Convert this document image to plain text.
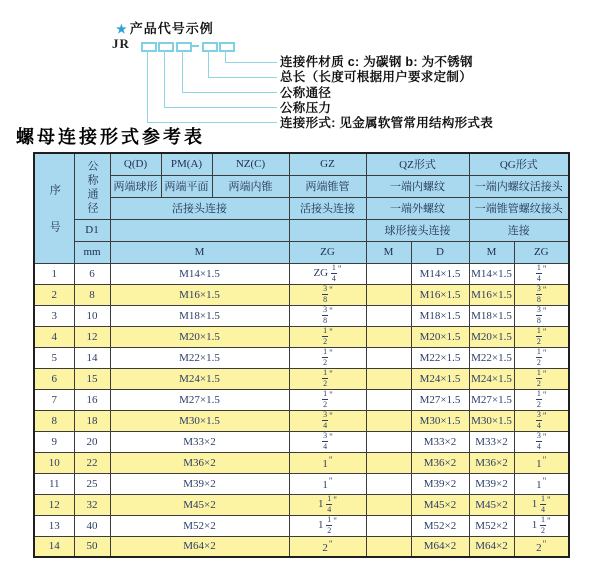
★ 产品代号示例
JR
连接件材质 c: 为碳钢 b: 为不锈钢
总长（长度可根据用户要求定制）
公称通径
公称压力
连接形式: 见金属软管常用结构形式表
螺母连接形式参考表
序号	公称通径	Q(D)	PM(A)	NZ(C)	GZ	QZ形式		QG形式	
		两端球形	两端平面	两端内锥	两端锥管	一端内螺纹		一端内螺纹活接头	
		活接头连接			活接头连接	一端外螺纹		一端锥管螺纹接头	
	D1					球形接头连接		连接	
	mm	M			ZG	M	D	M	ZG
1	6	M14×1.5			ZG $\frac{1}{4} ^"$		M14×1.5	M14×1.5	$\frac{1}{4} ^"$
2	8	M16×1.5			$\frac{3}{8} ^"$		M16×1.5	M16×1.5	$\frac{3}{8} ^"$
3	10	M18×1.5			$\frac{3}{8} ^"$		M18×1.5	M18×1.5	$\frac{3}{8} ^"$
4	12	M20×1.5			$\frac{1}{2} ^"$		M20×1.5	M20×1.5	$\frac{1}{2} ^"$
5	14	M22×1.5			$\frac{1}{2} ^"$		M22×1.5	M22×1.5	$\frac{1}{2} ^"$
6	15	M24×1.5			$\frac{1}{2} ^"$		M24×1.5	M24×1.5	$\frac{1}{2} ^"$
7	16	M27×1.5			$\frac{1}{2} ^"$		M27×1.5	M27×1.5	$\frac{1}{2} ^"$
8	18	M30×1.5			$\frac{3}{4} ^"$		M30×1.5	M30×1.5	$\frac{3}{4} ^"$
9	20	M33×2			$\frac{3}{4} ^"$		M33×2	M33×2	$\frac{3}{4} ^"$
10	22	M36×2			1"		M36×2	M36×2	1"
11	25	M39×2			1"		M39×2	M39×2	1"
12	32	M45×2			$1 \frac{1}{4} ^"$		M45×2	M45×2	$1 \frac{1}{4} ^"$
13	40	M52×2			$1 \frac{1}{2} ^"$		M52×2	M52×2	$1 \frac{1}{2} ^"$
14	50	M64×2			2"		M64×2	M64×2	2"
